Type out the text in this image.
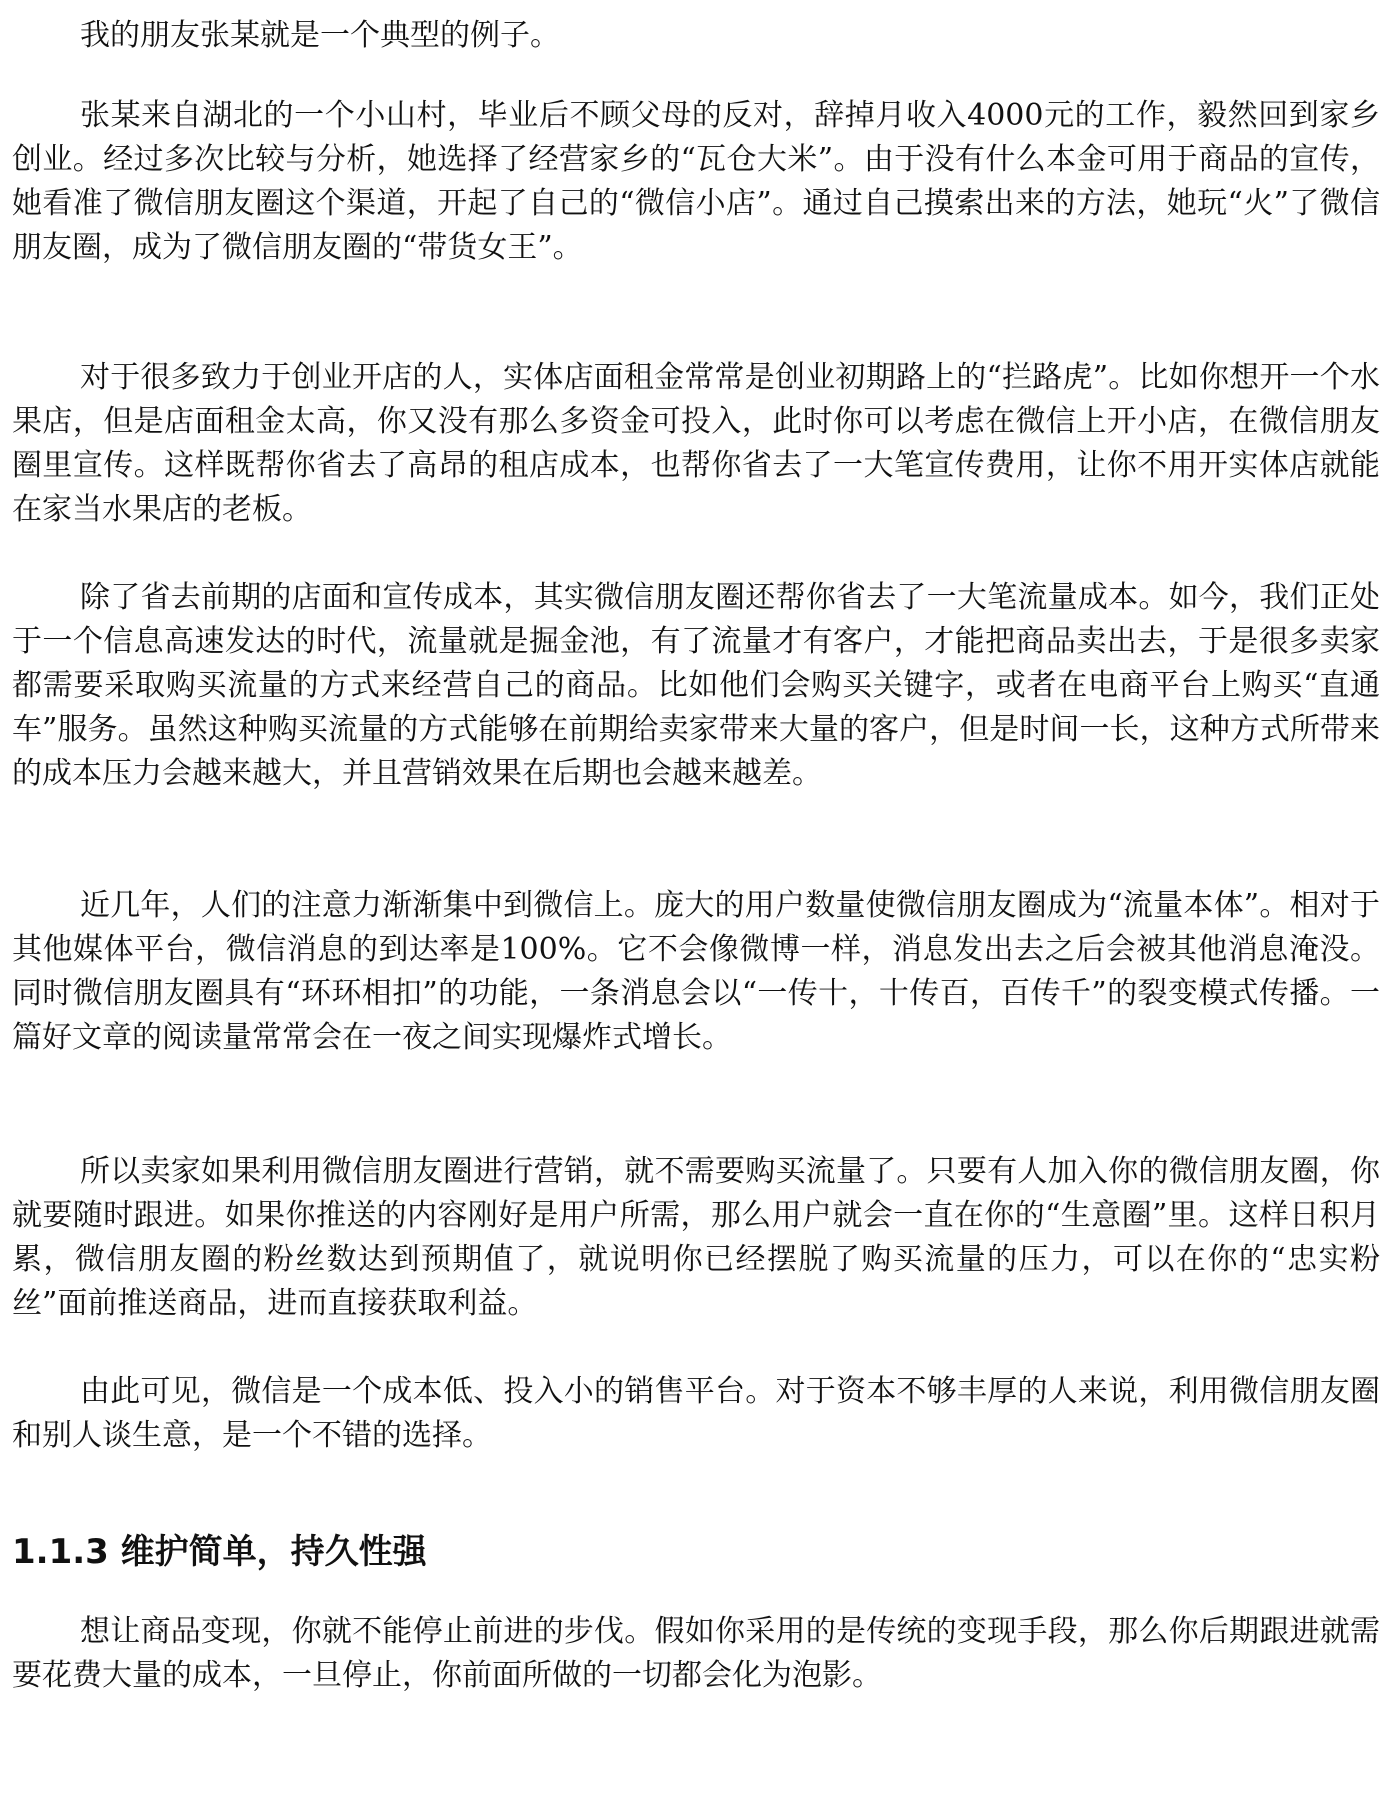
我的朋友张某就是一个典型的例子。

张某来自湖北的一个小山村，毕业后不顾父母的反对，辞掉月收入4000元的工作，毅然回到家乡创业。经过多次比较与分析，她选择了经营家乡的“瓦仓大米”。由于没有什么本金可用于商品的宣传，她看准了微信朋友圈这个渠道，开起了自己的“微信小店”。通过自己摸索出来的方法，她玩“火”了微信朋友圈，成为了微信朋友圈的“带货女王”。

对于很多致力于创业开店的人，实体店面租金常常是创业初期路上的“拦路虎”。比如你想开一个水果店，但是店面租金太高，你又没有那么多资金可投入，此时你可以考虑在微信上开小店，在微信朋友圈里宣传。这样既帮你省去了高昂的租店成本，也帮你省去了一大笔宣传费用，让你不用开实体店就能在家当水果店的老板。

除了省去前期的店面和宣传成本，其实微信朋友圈还帮你省去了一大笔流量成本。如今，我们正处于一个信息高速发达的时代，流量就是掘金池，有了流量才有客户，才能把商品卖出去，于是很多卖家都需要采取购买流量的方式来经营自己的商品。比如他们会购买关键字，或者在电商平台上购买“直通车”服务。虽然这种购买流量的方式能够在前期给卖家带来大量的客户，但是时间一长，这种方式所带来的成本压力会越来越大，并且营销效果在后期也会越来越差。

近几年，人们的注意力渐渐集中到微信上。庞大的用户数量使微信朋友圈成为“流量本体”。相对于其他媒体平台，微信消息的到达率是100%。它不会像微博一样，消息发出去之后会被其他消息淹没。同时微信朋友圈具有“环环相扣”的功能，一条消息会以“一传十，十传百，百传千”的裂变模式传播。一篇好文章的阅读量常常会在一夜之间实现爆炸式增长。

所以卖家如果利用微信朋友圈进行营销，就不需要购买流量了。只要有人加入你的微信朋友圈，你就要随时跟进。如果你推送的内容刚好是用户所需，那么用户就会一直在你的“生意圈”里。这样日积月累，微信朋友圈的粉丝数达到预期值了，就说明你已经摆脱了购买流量的压力，可以在你的“忠实粉丝”面前推送商品，进而直接获取利益。

由此可见，微信是一个成本低、投入小的销售平台。对于资本不够丰厚的人来说，利用微信朋友圈和别人谈生意，是一个不错的选择。

1.1.3 维护简单，持久性强

想让商品变现，你就不能停止前进的步伐。假如你采用的是传统的变现手段，那么你后期跟进就需要花费大量的成本，一旦停止，你前面所做的一切都会化为泡影。
